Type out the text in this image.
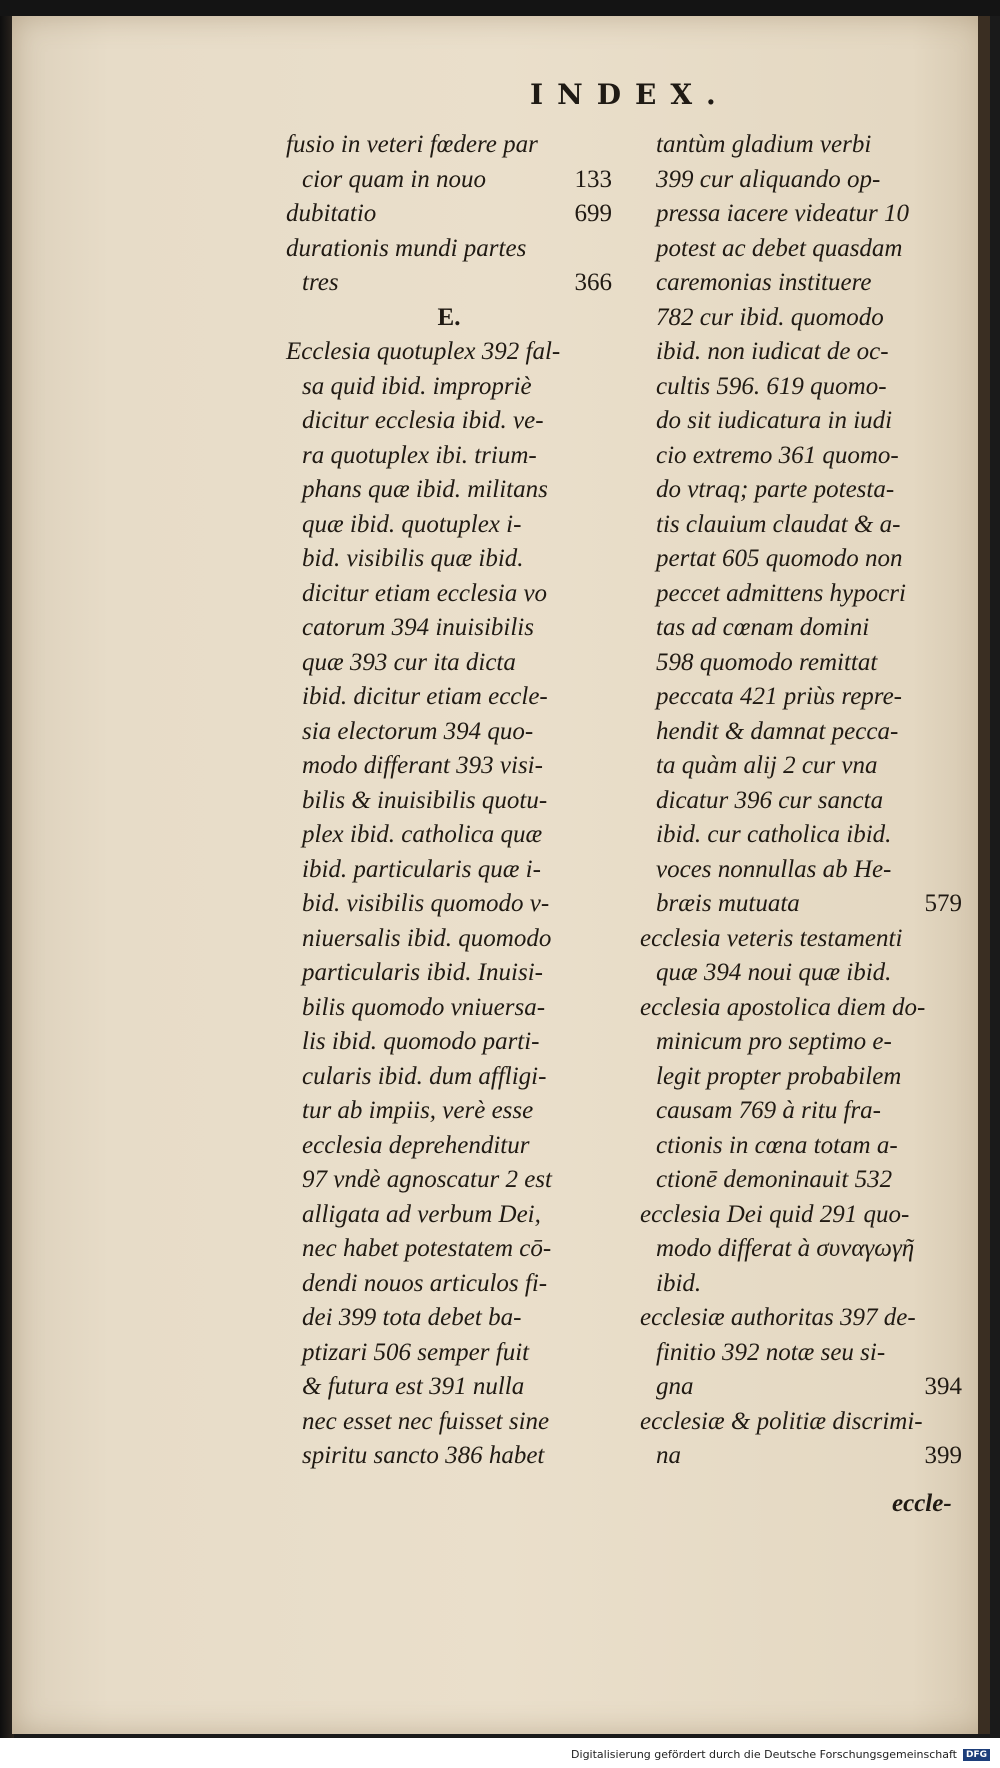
INDEX.
fusio in veteri fœdere par
cior quam in nouo	133
dubitatio	699
durationis mundi partes
tres	366
E.
Ecclesia quotuplex 392 fal-
sa quid ibid. impropriè
dicitur ecclesia ibid. ve-
ra quotuplex ibi. trium-
phans quæ ibid. militans
quæ ibid. quotuplex i-
bid. visibilis quæ ibid.
dicitur etiam ecclesia vo
catorum 394 inuisibilis
quæ 393 cur ita dicta
ibid. dicitur etiam eccle-
sia electorum 394 quo-
modo differant 393 visi-
bilis & inuisibilis quotu-
plex ibid. catholica quæ
ibid. particularis quæ i-
bid. visibilis quomodo v-
niuersalis ibid. quomodo
particularis ibid. Inuisi-
bilis quomodo vniuersa-
lis ibid. quomodo parti-
cularis ibid. dum affligi-
tur ab impiis, verè esse
ecclesia deprehenditur
97 vndè agnoscatur 2 est
alligata ad verbum Dei,
nec habet potestatem cō-
dendi nouos articulos fi-
dei 399 tota debet ba-
ptizari 506 semper fuit
& futura est 391 nulla
nec esset nec fuisset sine
spiritu sancto 386 habet
tantùm gladium verbi
399 cur aliquando op-
pressa iacere videatur 10
potest ac debet quasdam
caremonias instituere
782 cur ibid. quomodo
ibid. non iudicat de oc-
cultis 596. 619 quomo-
do sit iudicatura in iudi
cio extremo 361 quomo-
do vtraq; parte potesta-
tis clauium claudat & a-
pertat 605 quomodo non
peccet admittens hypocri
tas ad cœnam domini
598 quomodo remittat
peccata 421 priùs repre-
hendit & damnat pecca-
ta quàm alij 2 cur vna
dicatur 396 cur sancta
ibid. cur catholica ibid.
voces nonnullas ab He-
bræis mutuata	579
ecclesia veteris testamenti
quæ 394 noui quæ ibid.
ecclesia apostolica diem do-
minicum pro septimo e-
legit propter probabilem
causam 769 à ritu fra-
ctionis in cœna totam a-
ctionē demoninauit 532
ecclesia Dei quid 291 quo-
modo differat à συναγωγῆ
ibid.
ecclesiæ authoritas 397 de-
finitio 392 notæ seu si-
gna	394
ecclesiæ & politiæ discrimi-
na	399
eccle-
Digitalisierung gefördert durch die Deutsche Forschungsgemeinschaft	DFG
